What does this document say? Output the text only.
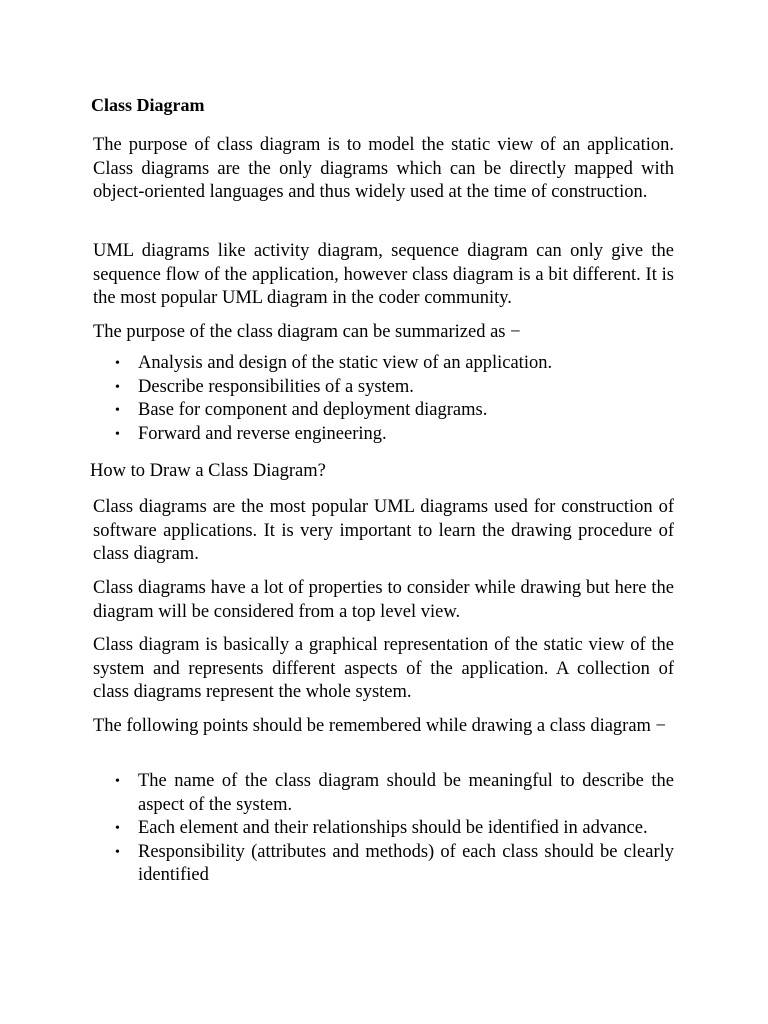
Class Diagram

The purpose of class diagram is to model the static view of an application. Class diagrams are the only diagrams which can be directly mapped with object-oriented languages and thus widely used at the time of construction.

UML diagrams like activity diagram, sequence diagram can only give the sequence flow of the application, however class diagram is a bit different. It is the most popular UML diagram in the coder community.

The purpose of the class diagram can be summarized as −

• Analysis and design of the static view of an application.
• Describe responsibilities of a system.
• Base for component and deployment diagrams.
• Forward and reverse engineering.
How to Draw a Class Diagram?

Class diagrams are the most popular UML diagrams used for construction of software applications. It is very important to learn the drawing procedure of class diagram.

Class diagrams have a lot of properties to consider while drawing but here the diagram will be considered from a top level view.

Class diagram is basically a graphical representation of the static view of the system and represents different aspects of the application. A collection of class diagrams represent the whole system.

The following points should be remembered while drawing a class diagram −

• The name of the class diagram should be meaningful to describe the aspect of the system.
• Each element and their relationships should be identified in advance.
• Responsibility (attributes and methods) of each class should be clearly identified
